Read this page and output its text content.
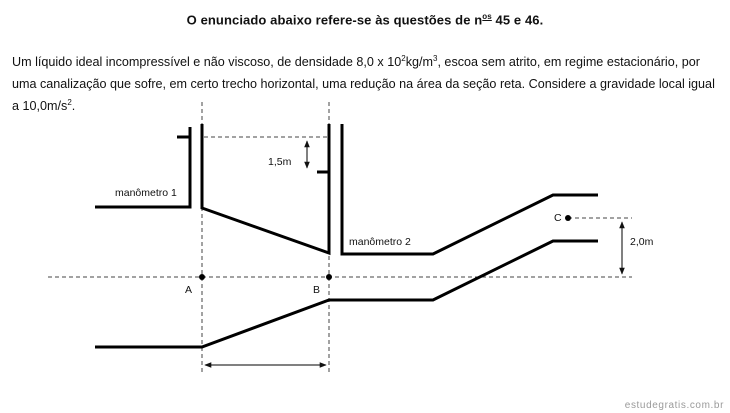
O enunciado abaixo refere-se às questões de $n^{os}$ 45 e 46.
Um líquido ideal incompressível e não viscoso, de densidade 8,0 x $10^2kg/m^3$, escoa sem atrito, em regime estacionário, por uma canalização que sofre, em certo trecho horizontal, uma redução na área da seção reta. Considere a gravidade local igual a $10,0m/s^2$.
manômetro 1
manômetro 2
1,5m
2,0m
A	B
C
estudegratis.com.br
